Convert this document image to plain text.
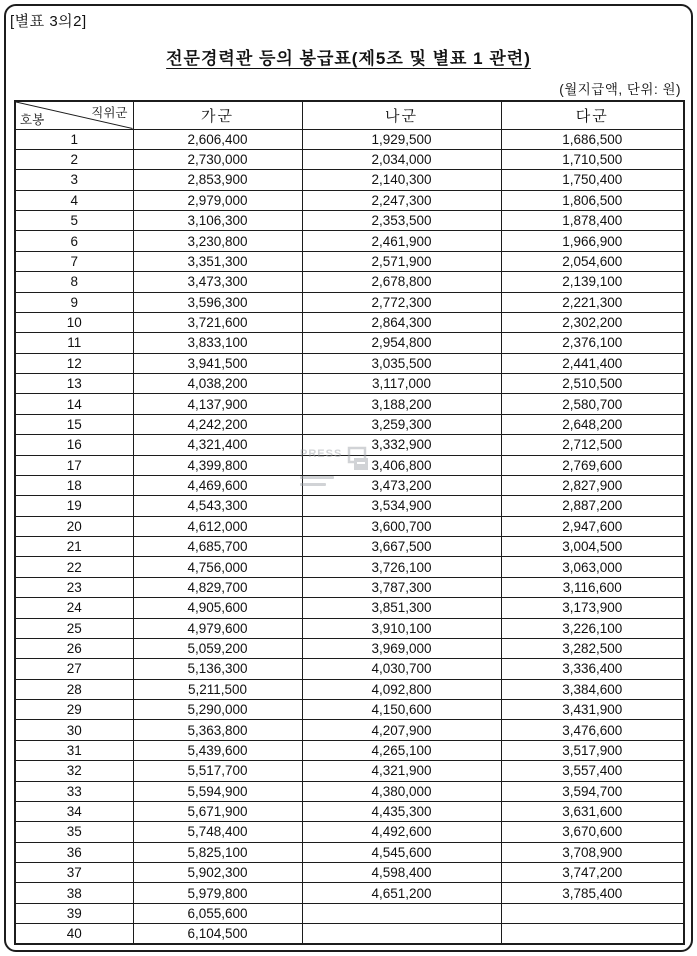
[별표 3의2]
전문경력관 등의 봉급표(제5조 및 별표 1 관련)
(월지급액, 단위: 원)
직위군
호봉	가군	나군	다군
1	2,606,400	1,929,500	1,686,500
2	2,730,000	2,034,000	1,710,500
3	2,853,900	2,140,300	1,750,400
4	2,979,000	2,247,300	1,806,500
5	3,106,300	2,353,500	1,878,400
6	3,230,800	2,461,900	1,966,900
7	3,351,300	2,571,900	2,054,600
8	3,473,300	2,678,800	2,139,100
9	3,596,300	2,772,300	2,221,300
10	3,721,600	2,864,300	2,302,200
11	3,833,100	2,954,800	2,376,100
12	3,941,500	3,035,500	2,441,400
13	4,038,200	3,117,000	2,510,500
14	4,137,900	3,188,200	2,580,700
15	4,242,200	3,259,300	2,648,200
16	4,321,400	3,332,900	2,712,500
17	4,399,800	3,406,800	2,769,600
18	4,469,600	3,473,200	2,827,900
19	4,543,300	3,534,900	2,887,200
20	4,612,000	3,600,700	2,947,600
21	4,685,700	3,667,500	3,004,500
22	4,756,000	3,726,100	3,063,000
23	4,829,700	3,787,300	3,116,600
24	4,905,600	3,851,300	3,173,900
25	4,979,600	3,910,100	3,226,100
26	5,059,200	3,969,000	3,282,500
27	5,136,300	4,030,700	3,336,400
28	5,211,500	4,092,800	3,384,600
29	5,290,000	4,150,600	3,431,900
30	5,363,800	4,207,900	3,476,600
31	5,439,600	4,265,100	3,517,900
32	5,517,700	4,321,900	3,557,400
33	5,594,900	4,380,000	3,594,700
34	5,671,900	4,435,300	3,631,600
35	5,748,400	4,492,600	3,670,600
36	5,825,100	4,545,600	3,708,900
37	5,902,300	4,598,400	3,747,200
38	5,979,800	4,651,200	3,785,400
39	6,055,600		
40	6,104,500		
PRESS
